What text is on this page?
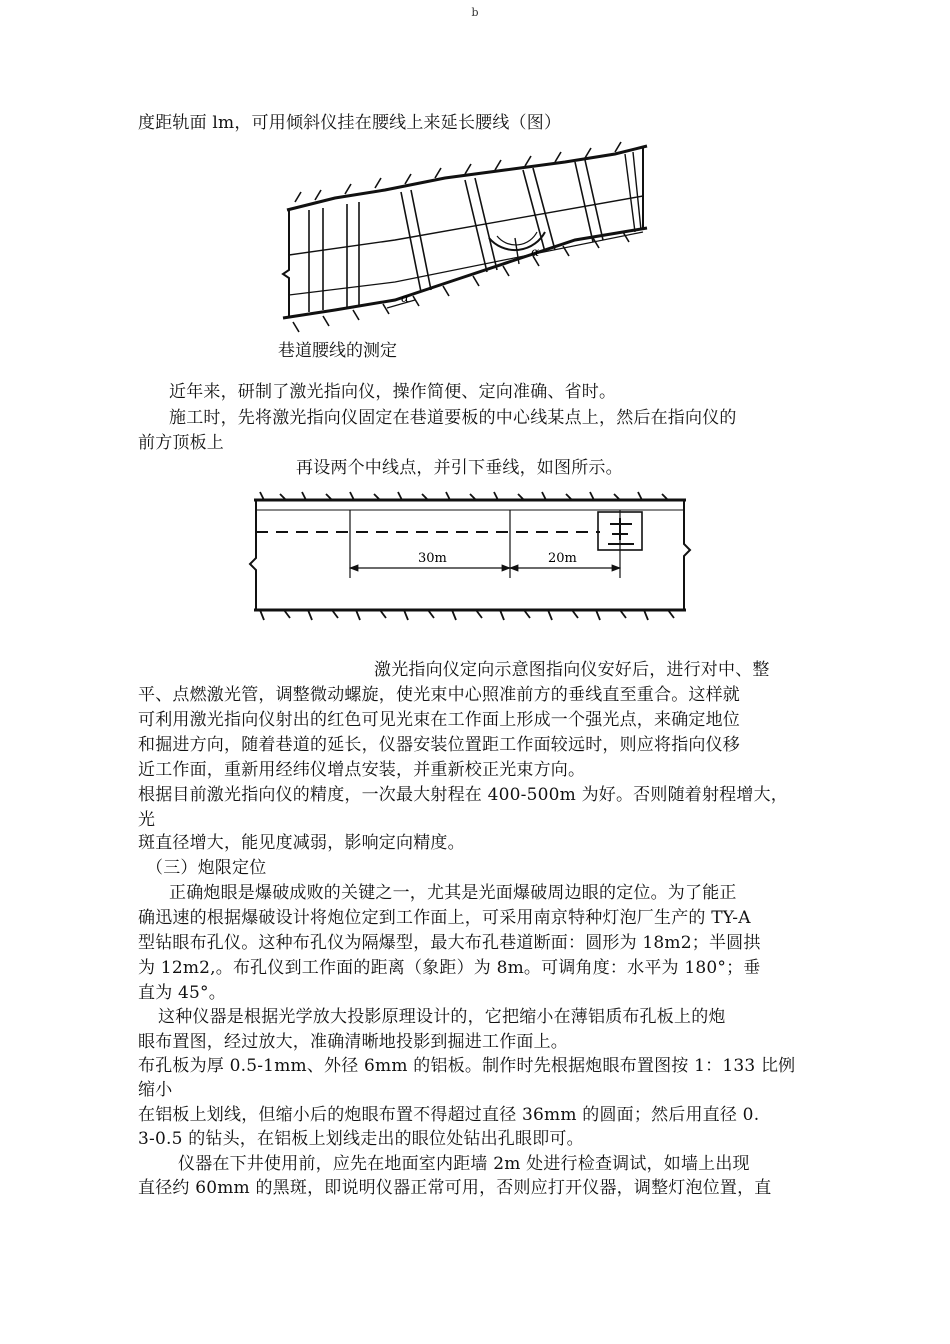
b
度距轨面 lm，可用倾斜仪挂在腰线上来延长腰线（图）
α
α
巷道腰线的测定
近年来，研制了激光指向仪，操作简便、定向准确、省时。
施工时，先将激光指向仪固定在巷道要板的中心线某点上，然后在指向仪的
前方顶板上
再设两个中线点，并引下垂线，如图所示。
30m	20m
激光指向仪定向示意图指向仪安好后，进行对中、整
平、点燃激光管，调整微动螺旋，使光束中心照准前方的垂线直至重合。这样就
可利用激光指向仪射出的红色可见光束在工作面上形成一个强光点，来确定地位
和掘进方向，随着巷道的延长，仪器安装位置距工作面较远时，则应将指向仪移
近工作面，重新用经纬仪增点安装，并重新校正光束方向。
根据目前激光指向仪的精度，一次最大射程在 400-500m 为好。否则随着射程增大，
光
斑直径增大，能见度减弱，影响定向精度。
（三）炮限定位
正确炮眼是爆破成败的关键之一，尤其是光面爆破周边眼的定位。为了能正
确迅速的根据爆破设计将炮位定到工作面上，可采用南京特种灯泡厂生产的 TY-A
型钻眼布孔仪。这种布孔仪为隔爆型，最大布孔巷道断面：圆形为 18m2；半圆拱
为 12m2,。布孔仪到工作面的距离（象距）为 8m。可调角度：水平为 180°；垂
直为 45°。
这种仪器是根据光学放大投影原理设计的，它把缩小在薄铝质布孔板上的炮
眼布置图，经过放大，准确清晰地投影到掘进工作面上。
布孔板为厚 0.5-1mm、外径 6mm 的铝板。制作时先根据炮眼布置图按 1：133 比例
缩小
在铝板上划线，但缩小后的炮眼布置不得超过直径 36mm 的圆面；然后用直径 0.
3-0.5 的钻头，在铝板上划线走出的眼位处钻出孔眼即可。
仪器在下井使用前，应先在地面室内距墙 2m 处进行检查调试，如墙上出现
直径约 60mm 的黑斑，即说明仪器正常可用，否则应打开仪器，调整灯泡位置，直
